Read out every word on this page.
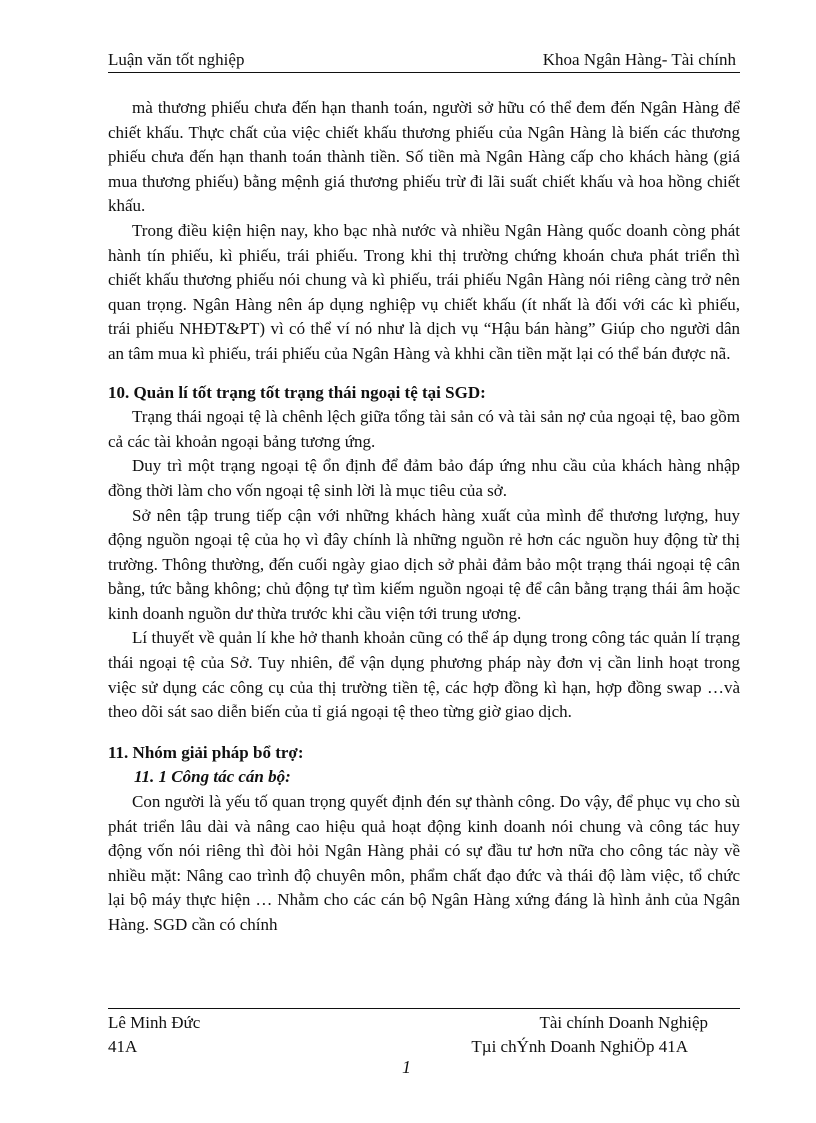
Luận văn tốt nghiệp	Khoa Ngân Hàng- Tài chính

mà thương phiếu chưa đến hạn thanh toán, người sở hữu có thể đem đến Ngân Hàng để chiết khấu. Thực chất của việc chiết khấu thương phiếu của Ngân Hàng là biến các thương phiếu chưa đến hạn thanh toán thành tiền. Số tiền mà Ngân Hàng cấp cho khách hàng (giá mua thương phiếu) bằng mệnh giá thương phiếu trừ đi lãi suất chiết khấu và hoa hồng chiết khấu.

Trong điều kiện hiện nay, kho bạc nhà nước và nhiều Ngân Hàng quốc doanh còng phát hành tín phiếu, kì phiếu, trái phiếu. Trong khi thị trường chứng khoán chưa phát triển thì chiết khấu thương phiếu nói chung và kì phiếu, trái phiếu Ngân Hàng nói riêng càng trở nên quan trọng. Ngân Hàng nên áp dụng nghiệp vụ chiết khấu (ít nhất là đối với các kì phiếu, trái phiếu NHĐT&PT) vì có thể ví nó như là dịch vụ “Hậu bán hàng” Giúp cho người dân an tâm mua kì phiếu, trái phiếu của Ngân Hàng và khhi cần tiền mặt lại có thể bán được nã.

10. Quản lí tốt trạng tốt trạng thái ngoại tệ tại SGD:

Trạng thái ngoại tệ là chênh lệch giữa tổng tài sản có và tài sản nợ của ngoại tệ, bao gồm cả các tài khoản ngoại bảng tương ứng.

Duy trì một trạng ngoại tệ ổn định để đảm bảo đáp ứng nhu cầu của khách hàng nhập đồng thời làm cho vốn ngoại tệ sinh lời là mục tiêu của sở.

Sở nên tập trung tiếp cận với những khách hàng xuất của mình để thương lượng, huy động nguồn ngoại tệ của họ vì đây chính là những nguồn rẻ hơn các nguồn huy động từ thị trường. Thông thường, đến cuối ngày giao dịch sở phải đảm bảo một trạng thái ngoại tệ cân bằng, tức bằng không; chủ động tự tìm kiếm nguồn ngoại tệ để cân bằng trạng thái âm hoặc kinh doanh nguồn dư thừa trước khi cầu viện tới trung ương.

Lí thuyết về quản lí khe hở thanh khoản cũng có thể áp dụng trong công tác quản lí trạng thái ngoại tệ của Sở. Tuy nhiên, để vận dụng phương pháp này đơn vị cần linh hoạt trong việc sử dụng các công cụ của thị trường tiền tệ, các hợp đồng kì hạn, hợp đồng swap …và theo dõi sát sao diễn biến của tỉ giá ngoại tệ theo từng giờ giao dịch.

11. Nhóm giải pháp bổ trợ:
11. 1 Công tác cán bộ:

Con người là yếu tố quan trọng quyết định đén sự thành công. Do vậy, để phục vụ cho sù phát triển lâu dài và nâng cao hiệu quả hoạt động kinh doanh nói chung và công tác huy động vốn nói riêng thì đòi hỏi Ngân Hàng phải có sự đầu tư hơn nữa cho công tác này về nhiều mặt: Nâng cao trình độ chuyên môn, phẩm chất đạo đức và thái độ làm việc, tổ chức lại bộ máy thực hiện … Nhằm cho các cán bộ Ngân Hàng xứng đáng là hình ảnh của Ngân Hàng. SGD cần có chính

Lê Minh Đức	Tài chính Doanh Nghiệp
41A	Tµi chÝnh Doanh NghiÖp 41A
1
